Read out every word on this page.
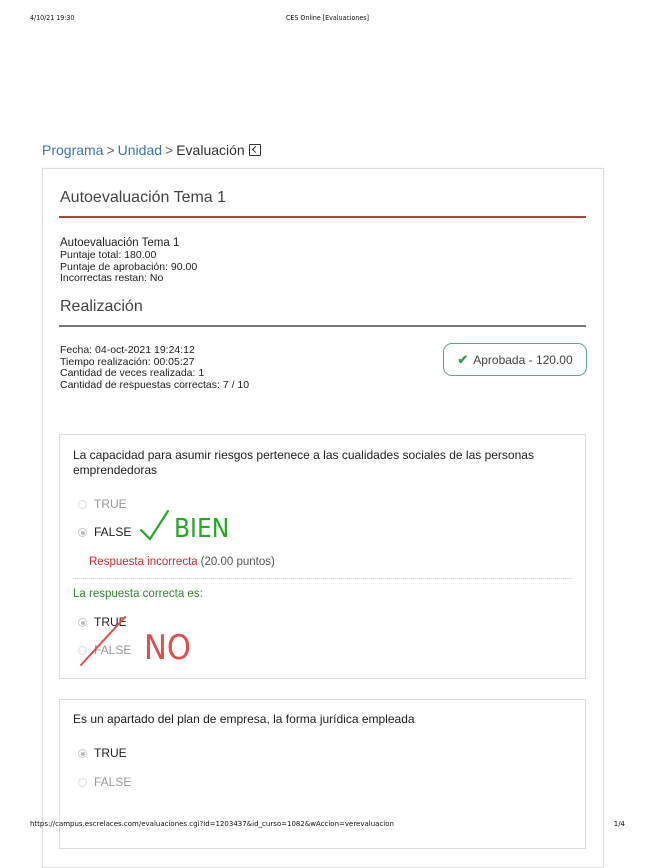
4/10/21 19:30	CES Online [Evaluaciones]
Programa > Unidad > Evaluación
Autoevaluación Tema 1
Autoevaluación Tema 1
Puntaje total: 180.00
Puntaje de aprobación: 90.00
Incorrectas restan: No
Realización
Fecha: 04-oct-2021 19:24:12
Tiempo realización: 00:05:27
Cantidad de veces realizada: 1
Cantidad de respuestas correctas: 7 / 10
✔ Aprobada - 120.00
La capacidad para asumir riesgos pertenece a las cualidades sociales de las personas emprendedoras
TRUE
FALSE
Respuesta incorrecta (20.00 puntos)
La respuesta correcta es:
TRUE
FALSE
Es un apartado del plan de empresa, la forma jurídica empleada
TRUE
FALSE
BIEN
NO
https://campus.escrelaces.com/evaluaciones.cgi?id=1203437&id_curso=1082&wAccion=verevaluacion	1/4
